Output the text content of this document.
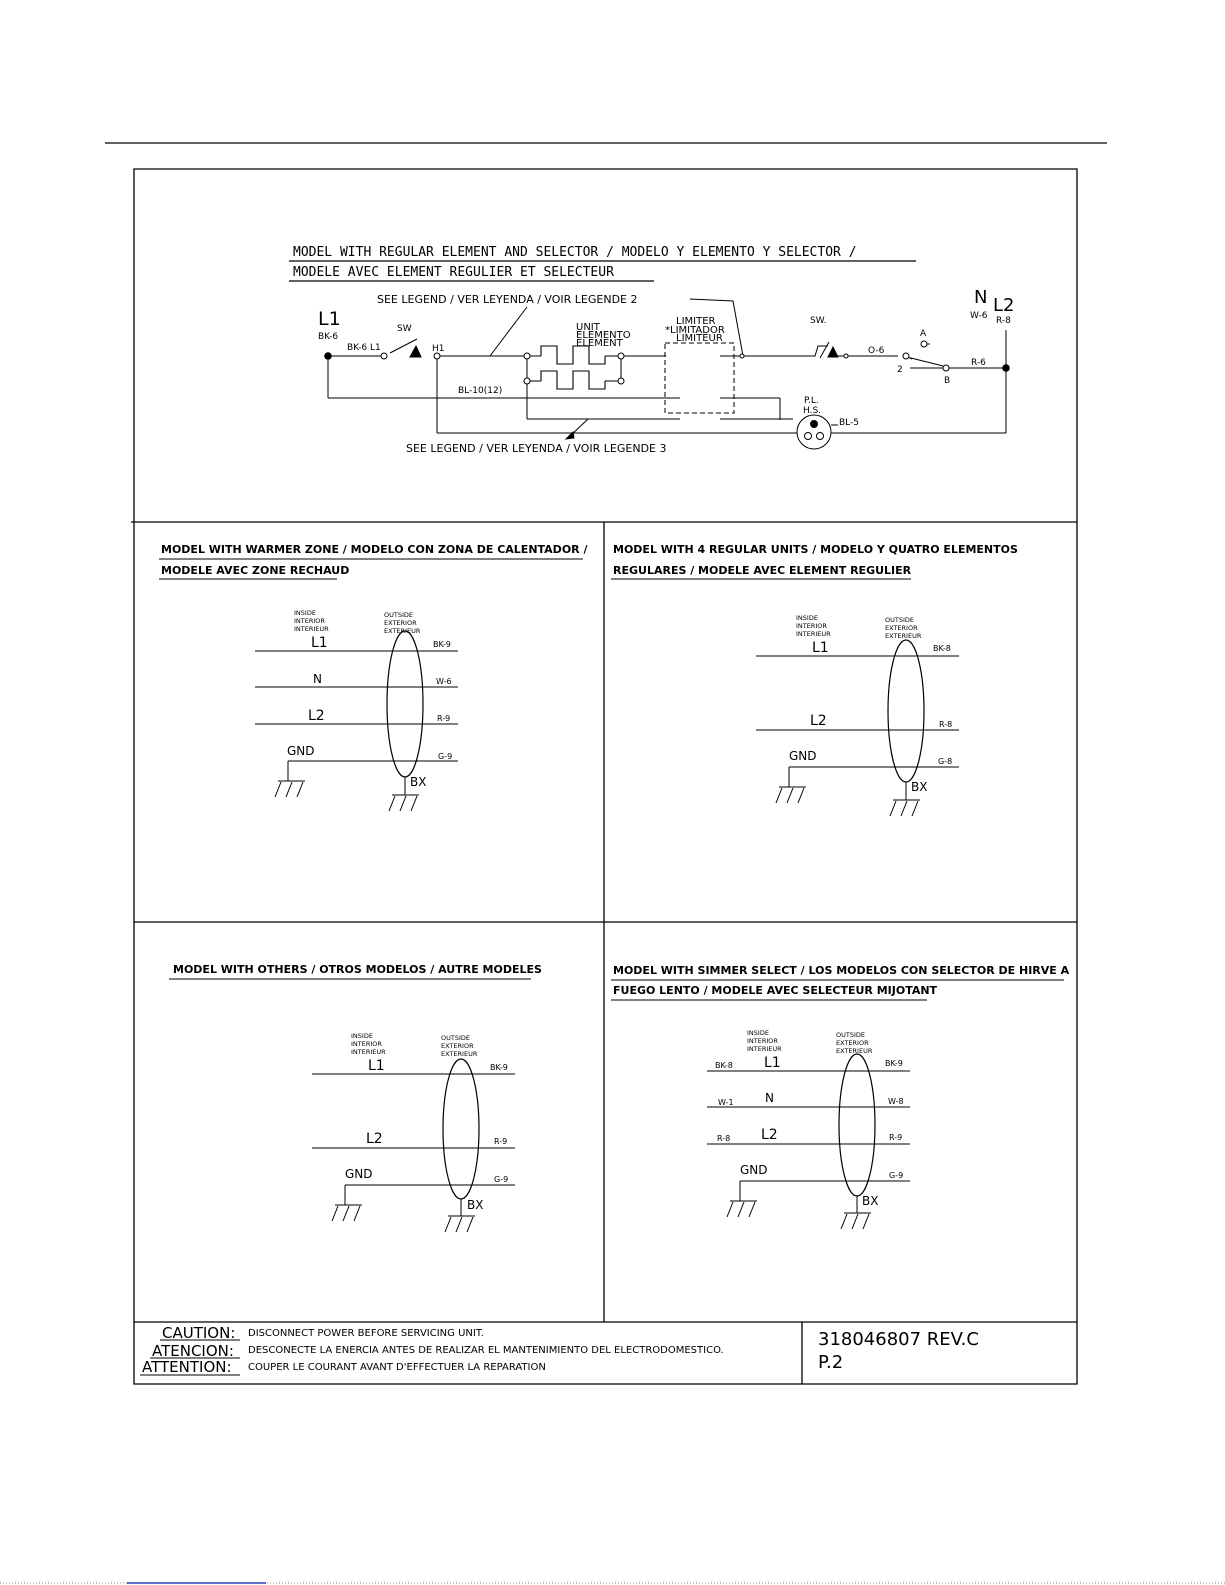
MODEL WITH REGULAR ELEMENT AND SELECTOR / MODELO Y ELEMENTO Y SELECTOR /
MODELE AVEC ELEMENT REGULIER ET SELECTEUR
SEE LEGEND / VER LEYENDA / VOIR LEGENDE 2
L1
BK-6
BK-6 L1
SW
H1
UNIT
ELEMENTO
ELEMENT
BL-10(12)
LIMITER
*LIMITADOR
LIMITEUR
SW.
O-6
2
A
B
N
W-6 L2
R-8
R-6
P.L.
H.S.
BL-5
SEE LEGEND / VER LEYENDA / VOIR LEGENDE 3
MODEL WITH WARMER ZONE / MODELO CON ZONA DE CALENTADOR /
MODELE AVEC ZONE RECHAUD
INSIDE
INTERIOR
INTERIEUR
OUTSIDE
EXTERIOR
EXTERIEUR
L1
N
L2
GND
BK-9
W-6
R-9
G-9
BX
MODEL WITH 4 REGULAR UNITS / MODELO Y QUATRO ELEMENTOS
REGULARES / MODELE AVEC ELEMENT REGULIER
INSIDE
INTERIOR
INTERIEUR
OUTSIDE
EXTERIOR
EXTERIEUR
L1
L2
GND
BK-8
R-8
G-8
BX
MODEL WITH OTHERS / OTROS MODELOS / AUTRE MODELES
INSIDE
INTERIOR
INTERIEUR
OUTSIDE
EXTERIOR
EXTERIEUR
L1
L2
GND
BK-9
R-9
G-9
BX
MODEL WITH SIMMER SELECT / LOS MODELOS CON SELECTOR DE HIRVE A
FUEGO LENTO / MODELE AVEC SELECTEUR MIJOTANT
INSIDE
INTERIOR
INTERIEUR
OUTSIDE
EXTERIOR
EXTERIEUR
BK-8
W-1
R-8
L1
N
L2
GND
BK-9
W-8
R-9
G-9
BX
CAUTION: DISCONNECT POWER BEFORE SERVICING UNIT.
ATENCION: DESCONECTE LA ENERCIA ANTES DE REALIZAR EL MANTENIMIENTO DEL ELECTRODOMESTICO.
ATTENTION: COUPER LE COURANT AVANT D'EFFECTUER LA REPARATION
318046807 REV.C
P.2
